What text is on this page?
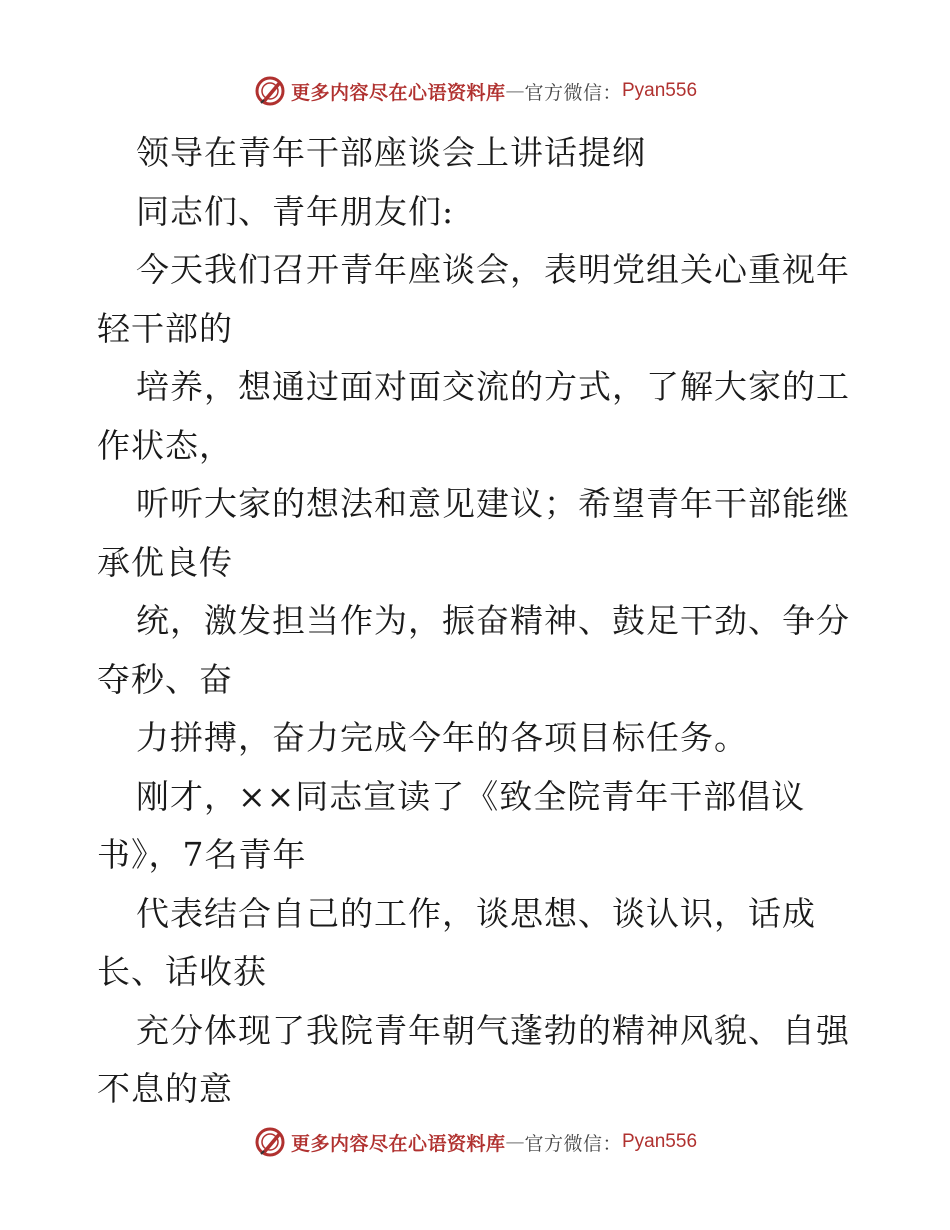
更多内容尽在心语资料库 — 官方微信： Pyan556
领导在青年干部座谈会上讲话提纲
同志们、青年朋友们:
今天我们召开青年座谈会，表明党组关心重视年
轻干部的
培养，想通过面对面交流的方式，了解大家的工
作状态，
听听大家的想法和意见建议；希望青年干部能继
承优良传
统，激发担当作为，振奋精神、鼓足干劲、争分
夺秒、奋
力拼搏，奋力完成今年的各项目标任务。
刚才，××同志宣读了《致全院青年干部倡议
书》，7名青年
代表结合自己的工作，谈思想、谈认识，话成
长、话收获
充分体现了我院青年朝气蓬勃的精神风貌、自强
不息的意
更多内容尽在心语资料库 — 官方微信： Pyan556
